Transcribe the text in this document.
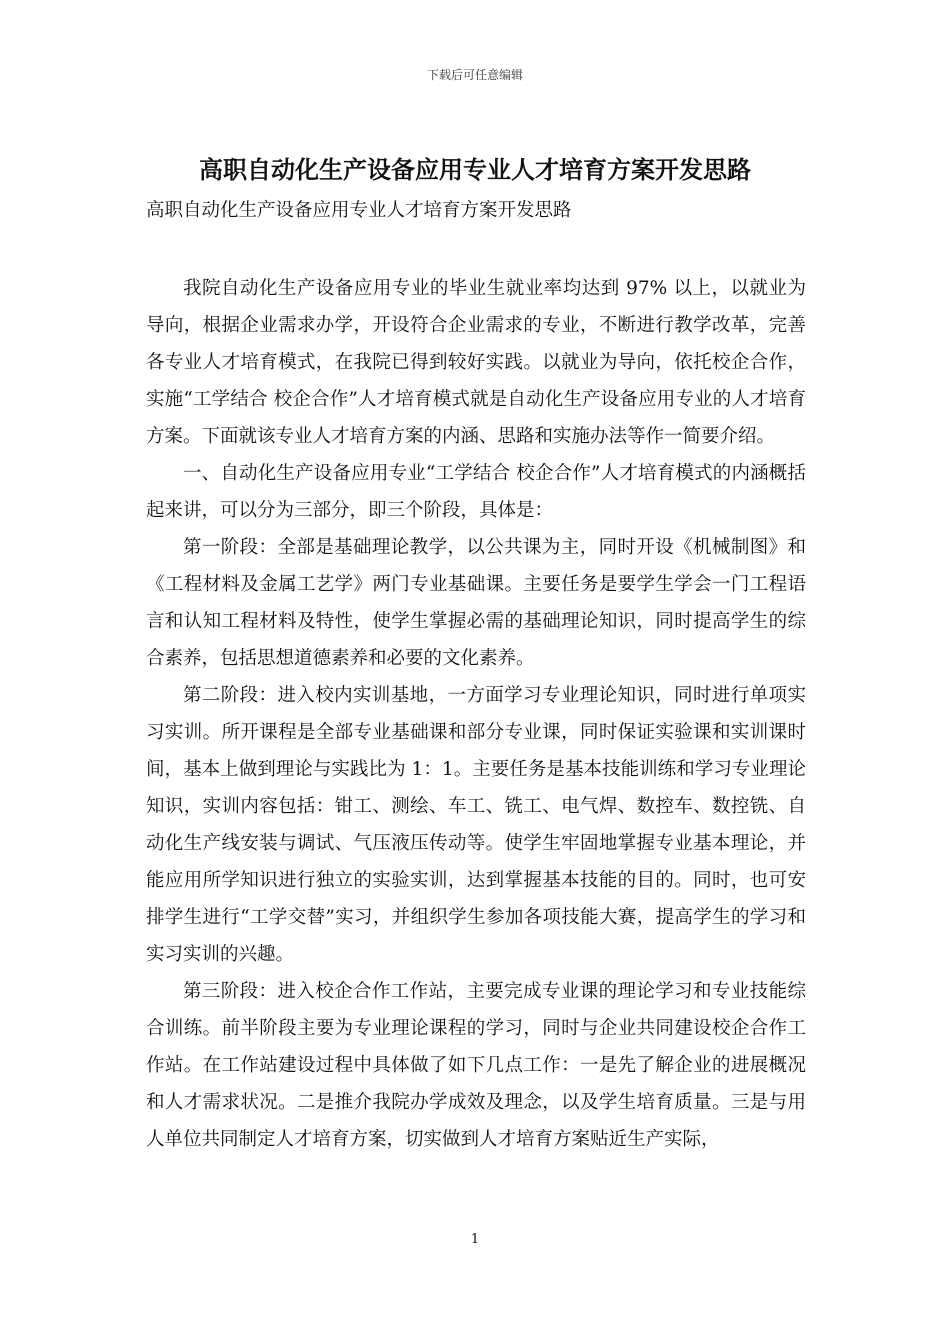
下载后可任意编辑
高职自动化生产设备应用专业人才培育方案开发思路

高职自动化生产设备应用专业人才培育方案开发思路

我院自动化生产设备应用专业的毕业生就业率均达到 97% 以上，以就业为导向，根据企业需求办学，开设符合企业需求的专业，不断进行教学改革，完善各专业人才培育模式，在我院已得到较好实践。以就业为导向，依托校企合作，实施“工学结合 校企合作”人才培育模式就是自动化生产设备应用专业的人才培育方案。下面就该专业人才培育方案的内涵、思路和实施办法等作一简要介绍。

一、自动化生产设备应用专业“工学结合 校企合作”人才培育模式的内涵概括起来讲，可以分为三部分，即三个阶段，具体是：

第一阶段：全部是基础理论教学，以公共课为主，同时开设《机械制图》和《工程材料及金属工艺学》两门专业基础课。主要任务是要学生学会一门工程语言和认知工程材料及特性，使学生掌握必需的基础理论知识，同时提高学生的综合素养，包括思想道德素养和必要的文化素养。

第二阶段：进入校内实训基地，一方面学习专业理论知识，同时进行单项实习实训。所开课程是全部专业基础课和部分专业课，同时保证实验课和实训课时间，基本上做到理论与实践比为 1：1。主要任务是基本技能训练和学习专业理论知识，实训内容包括：钳工、测绘、车工、铣工、电气焊、数控车、数控铣、自动化生产线安装与调试、气压液压传动等。使学生牢固地掌握专业基本理论，并能应用所学知识进行独立的实验实训，达到掌握基本技能的目的。同时，也可安排学生进行“工学交替”实习，并组织学生参加各项技能大赛，提高学生的学习和实习实训的兴趣。

第三阶段：进入校企合作工作站，主要完成专业课的理论学习和专业技能综合训练。前半阶段主要为专业理论课程的学习，同时与企业共同建设校企合作工作站。在工作站建设过程中具体做了如下几点工作：一是先了解企业的进展概况和人才需求状况。二是推介我院办学成效及理念，以及学生培育质量。三是与用人单位共同制定人才培育方案，切实做到人才培育方案贴近生产实际，

1
